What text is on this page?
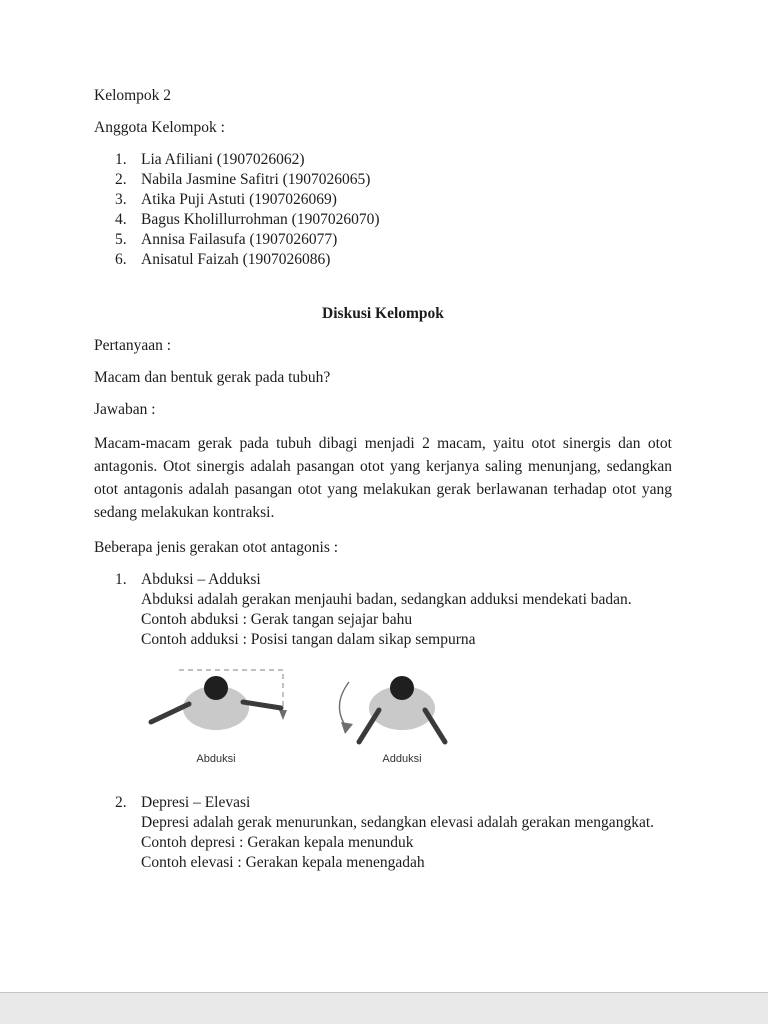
Kelompok 2

Anggota Kelompok :

Lia Afiliani (1907026062)
Nabila Jasmine Safitri (1907026065)
Atika Puji Astuti (1907026069)
Bagus Kholillurrohman (1907026070)
Annisa Failasufa (1907026077)
Anisatul Faizah (1907026086)

Diskusi Kelompok

Pertanyaan :

Macam dan bentuk gerak pada tubuh?

Jawaban :

Macam-macam gerak pada tubuh dibagi menjadi 2 macam, yaitu otot sinergis dan otot antagonis. Otot sinergis adalah pasangan otot yang kerjanya saling menunjang, sedangkan otot antagonis adalah pasangan otot yang melakukan gerak berlawanan terhadap otot yang sedang melakukan kontraksi.

Beberapa jenis gerakan otot antagonis :

Abduksi – Adduksi
Abduksi adalah gerakan menjauhi badan, sedangkan adduksi mendekati badan.
Contoh abduksi : Gerak tangan sejajar bahu
Contoh adduksi : Posisi tangan dalam sikap sempurna
Abduksi	Adduksi
Depresi – Elevasi
Depresi adalah gerak menurunkan, sedangkan elevasi adalah gerakan mengangkat.
Contoh depresi : Gerakan kepala menunduk
Contoh elevasi : Gerakan kepala menengadah
